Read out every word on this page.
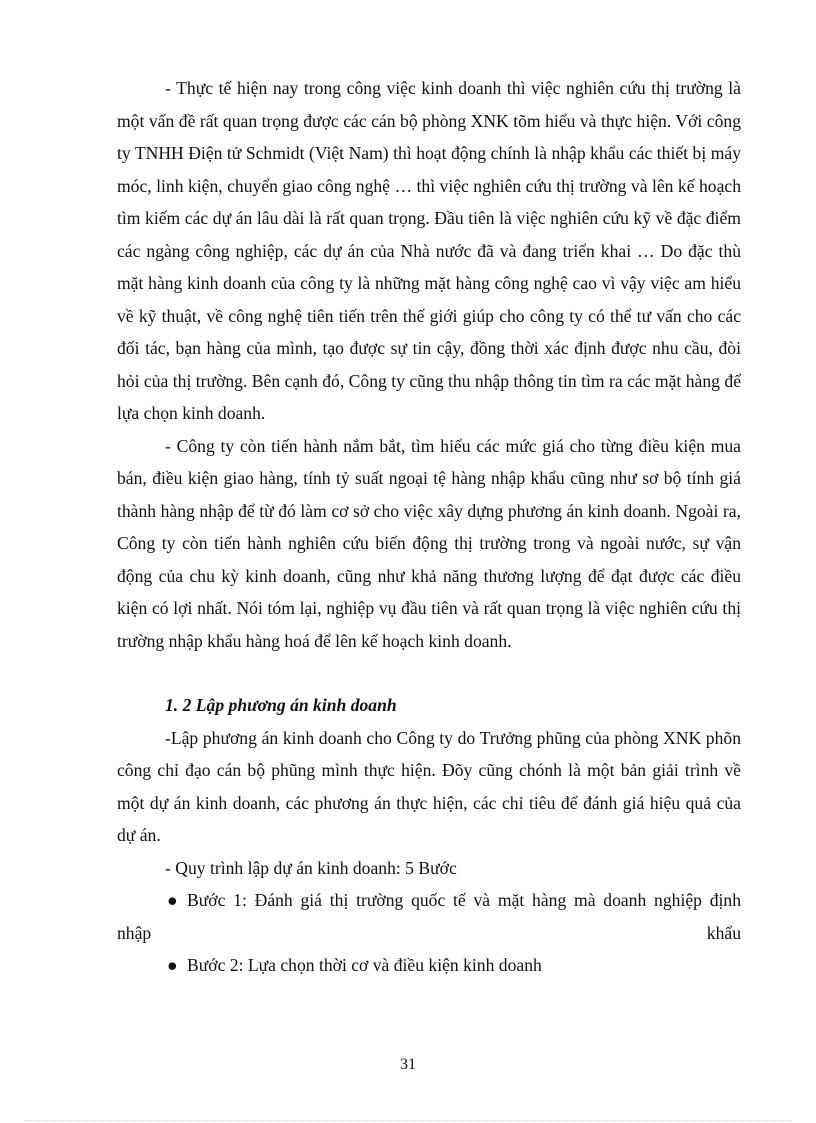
- Thực tế hiện nay trong công việc kinh doanh thì việc nghiên cứu thị trường là một vấn đề rất quan trọng được các cán bộ phòng XNK tõm hiểu và thực hiện. Với công ty TNHH Điện tử Schmidt (Việt Nam) thì hoạt động chính là nhập khẩu các thiết bị máy móc, linh kiện, chuyển giao công nghệ … thì việc nghiên cứu thị trường và lên kế hoạch tìm kiếm các dự án lâu dài là rất quan trọng. Đầu tiên là việc nghiên cứu kỹ về đặc điểm các ngàng công nghiệp, các dự án của Nhà nước đã và đang triển khai … Do đặc thù mặt hàng kinh doanh của công ty là những mặt hàng công nghệ cao vì vậy việc am hiểu về kỹ thuật, về công nghệ tiên tiến trên thế giới giúp cho công ty có thể tư vấn cho các đối tác, bạn hàng của mình, tạo được sự tin cậy, đồng thời xác định được nhu cầu, đòi hỏi của thị trường. Bên cạnh đó, Công ty cũng thu nhập thông tin tìm ra các mặt hàng để lựa chọn kinh doanh.

- Công ty còn tiến hành nắm bắt, tìm hiểu các mức giá cho từng điều kiện mua bán, điều kiện giao hàng, tính tỷ suất ngoại tệ hàng nhập khẩu cũng như sơ bộ tính giá thành hàng nhập để từ đó làm cơ sở cho việc xây dựng phương án kinh doanh. Ngoài ra, Công ty còn tiến hành nghiên cứu biến động thị trường trong và ngoài nước, sự vận động của chu kỳ kinh doanh, cũng như khả năng thương lượng để đạt được các điều kiện có lợi nhất. Nói tóm lại, nghiệp vụ đầu tiên và rất quan trọng là việc nghiên cứu thị trường nhập khẩu hàng hoá để lên kế hoạch kinh doanh.

1. 2 Lập phương án kinh doanh

-Lập phương án kinh doanh cho Công ty do Trưởng phũng của phòng XNK phõn công chỉ đạo cán bộ phũng mình thực hiện. Đõy cũng chónh là một bản giải trình về một dự án kinh doanh, các phương án thực hiện, các chỉ tiêu để đánh giá hiệu quả của dự án.

- Quy trình lập dự án kinh doanh: 5 Bước

● Bước 1: Đánh giá thị trường quốc tế và mặt hàng mà doanh nghiệp định
nhập	khẩu
● Bước 2: Lựa chọn thời cơ và điều kiện kinh doanh
31
